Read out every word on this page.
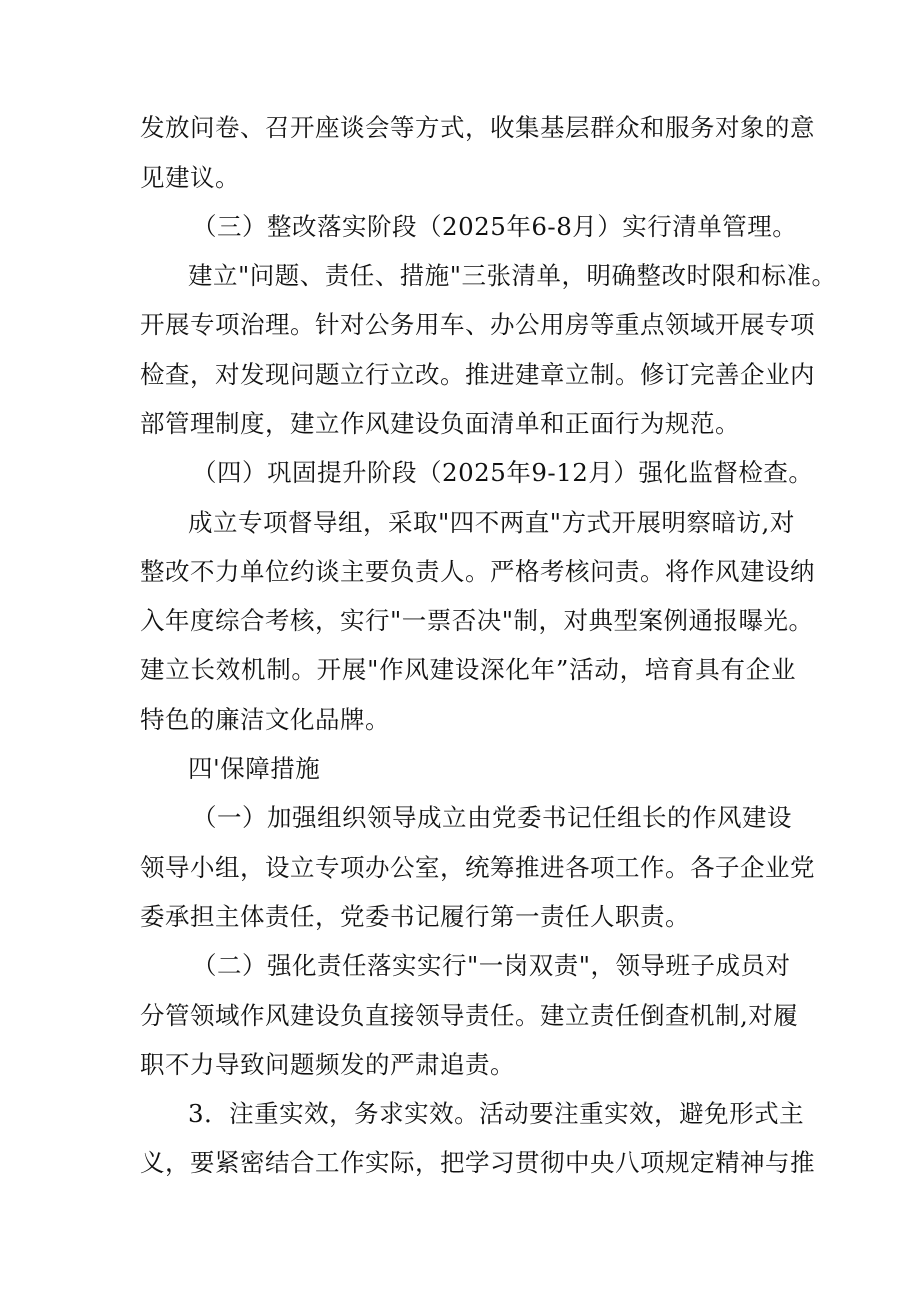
发放问卷、召开座谈会等方式，收集基层群众和服务对象的意
见建议。
（三）整改落实阶段（2025年6-8月）实行清单管理。
建立"问题、责任、措施"三张清单，明确整改时限和标准。
开展专项治理。针对公务用车、办公用房等重点领域开展专项
检查，对发现问题立行立改。推进建章立制。修订完善企业内
部管理制度，建立作风建设负面清单和正面行为规范。
（四）巩固提升阶段（2025年9-12月）强化监督检查。
成立专项督导组，采取"四不两直"方式开展明察暗访,对
整改不力单位约谈主要负责人。严格考核问责。将作风建设纳
入年度综合考核，实行"一票否决"制，对典型案例通报曝光。
建立长效机制。开展"作风建设深化年”活动，培育具有企业
特色的廉洁文化品牌。
四'保障措施
（一）加强组织领导成立由党委书记任组长的作风建设
领导小组，设立专项办公室，统筹推进各项工作。各子企业党
委承担主体责任，党委书记履行第一责任人职责。
（二）强化责任落实实行"一岗双责"，领导班子成员对
分管领域作风建设负直接领导责任。建立责任倒查机制,对履
职不力导致问题频发的严肃追责。
3．注重实效，务求实效。活动要注重实效，避免形式主
义，要紧密结合工作实际，把学习贯彻中央八项规定精神与推
